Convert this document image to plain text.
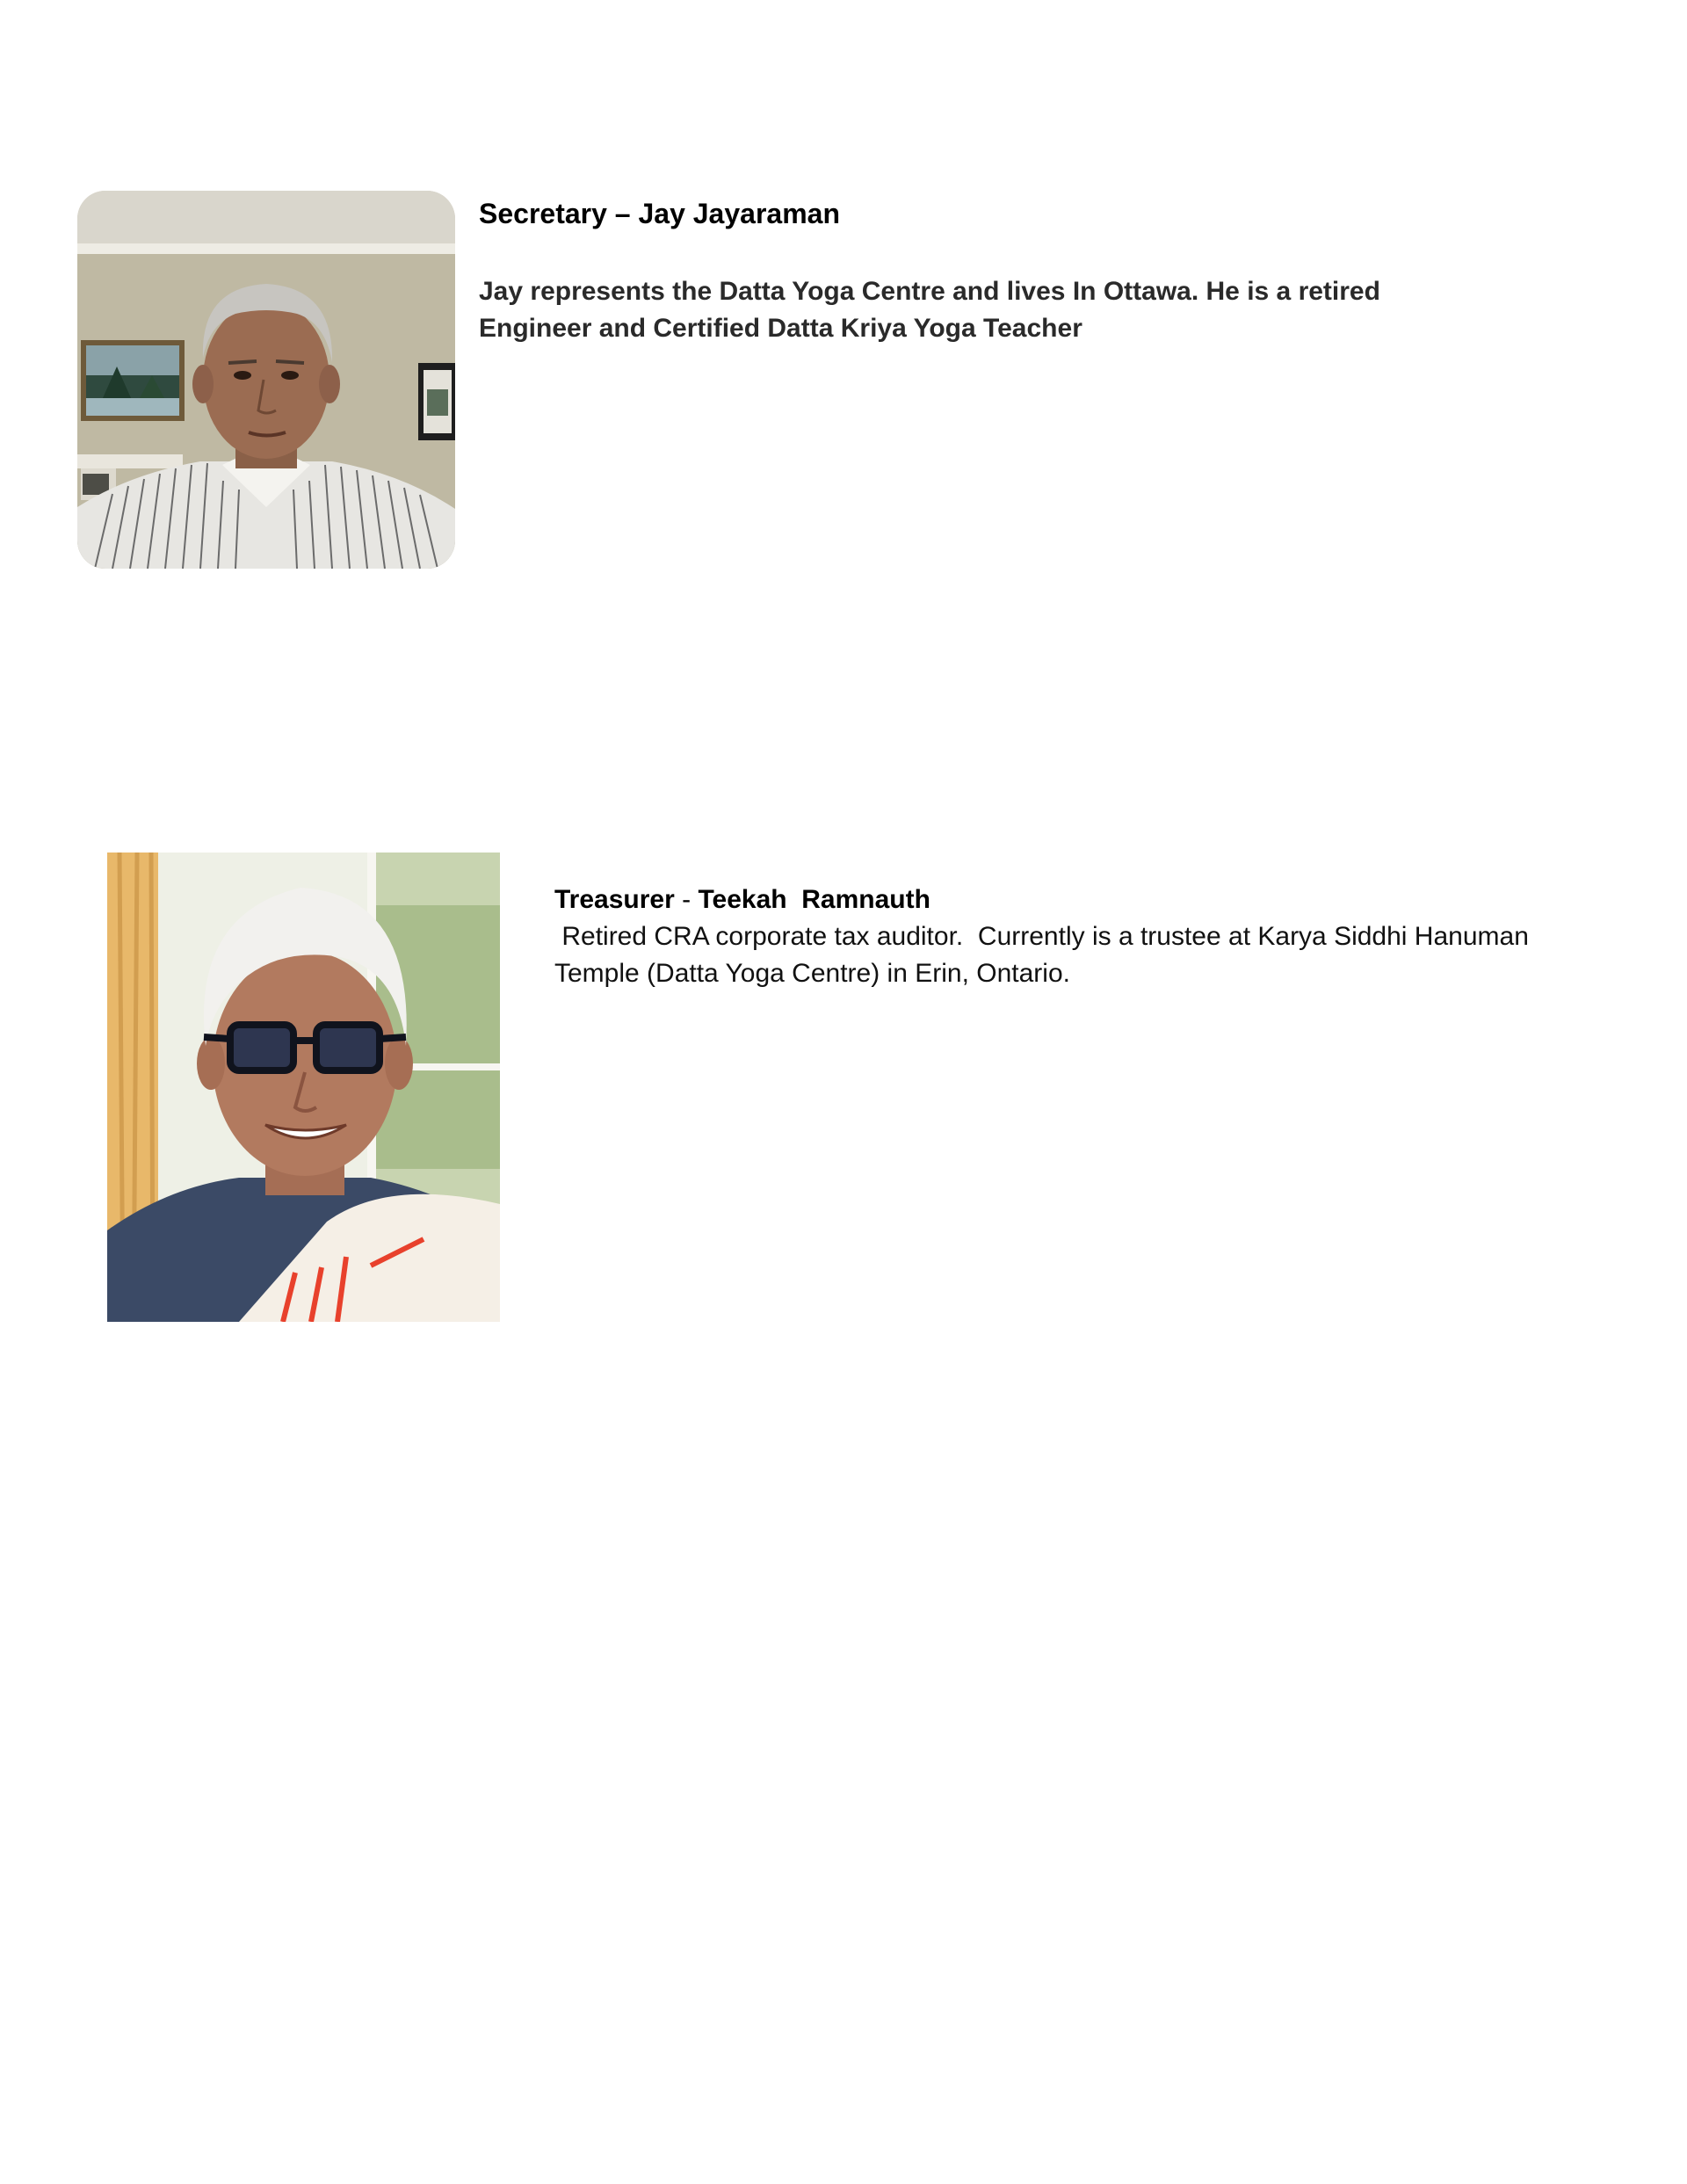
Secretary – Jay Jayaraman
Jay represents the Datta Yoga Centre and lives In Ottawa. He is a retired Engineer and Certified Datta Kriya Yoga Teacher
Treasurer - Teekah  Ramnauth
Retired CRA corporate tax auditor.  Currently is a trustee at Karya Siddhi Hanuman Temple (Datta Yoga Centre) in Erin, Ontario.
